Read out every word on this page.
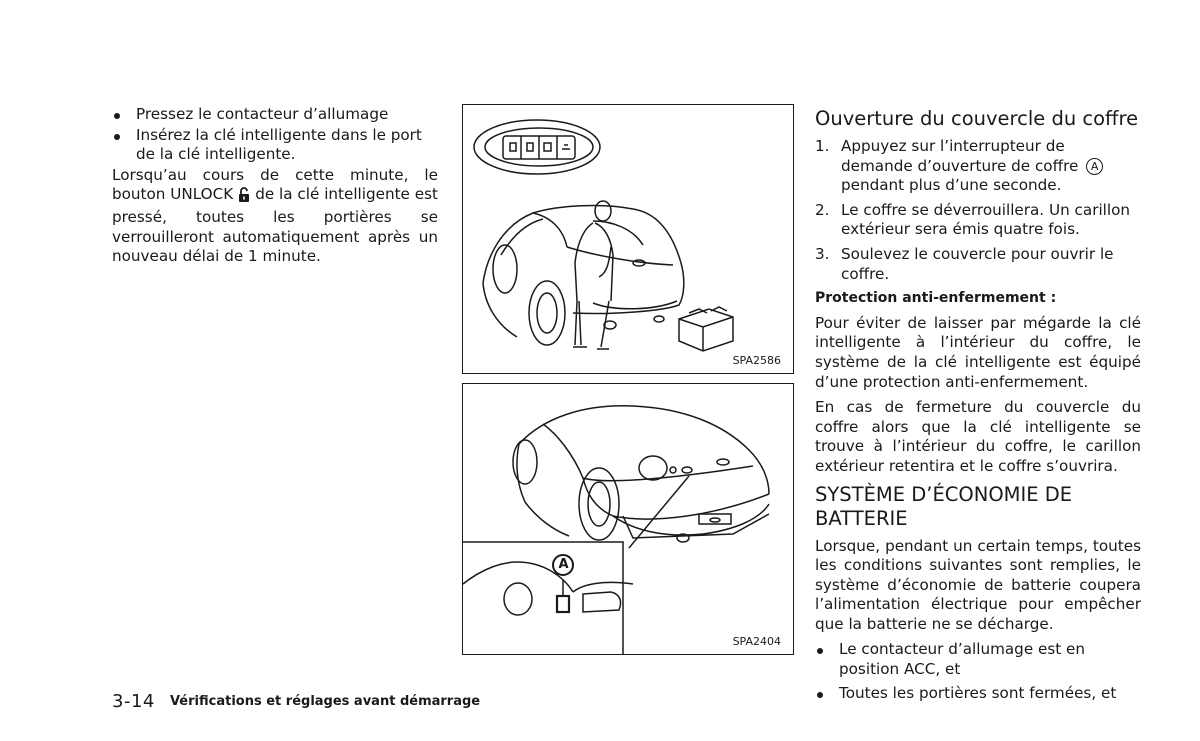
Pressez le contacteur d’allumage
Insérez la clé intelligente dans le port de la clé intelligente.

Lorsqu’au cours de cette minute, le bouton UNLOCK de la clé intelligente est pressé, toutes les portières se verrouilleront automatiquement après un nouveau délai de 1 minute.

SPA2586
A
SPA2404
Ouverture du couvercle du coffre
1. Appuyez sur l’interrupteur de demande d’ouverture de coffre A pendant plus d’une seconde.
2. Le coffre se déverrouillera. Un carillon extérieur sera émis quatre fois.
3. Soulevez le couvercle pour ouvrir le coffre.
Protection anti-enfermement :

Pour éviter de laisser par mégarde la clé intelligente à l’intérieur du coffre, le système de la clé intelligente est équipé d’une protection anti-enfermement.

En cas de fermeture du couvercle du coffre alors que la clé intelligente se trouve à l’intérieur du coffre, le carillon extérieur retentira et le coffre s’ouvrira.

SYSTÈME D’ÉCONOMIE DE BATTERIE

Lorsque, pendant un certain temps, toutes les conditions suivantes sont remplies, le système d’économie de batterie coupera l’alimentation électrique pour empêcher que la batterie ne se décharge.

Le contacteur d’allumage est en position ACC, et
Toutes les portières sont fermées, et
3-14 Vérifications et réglages avant démarrage
